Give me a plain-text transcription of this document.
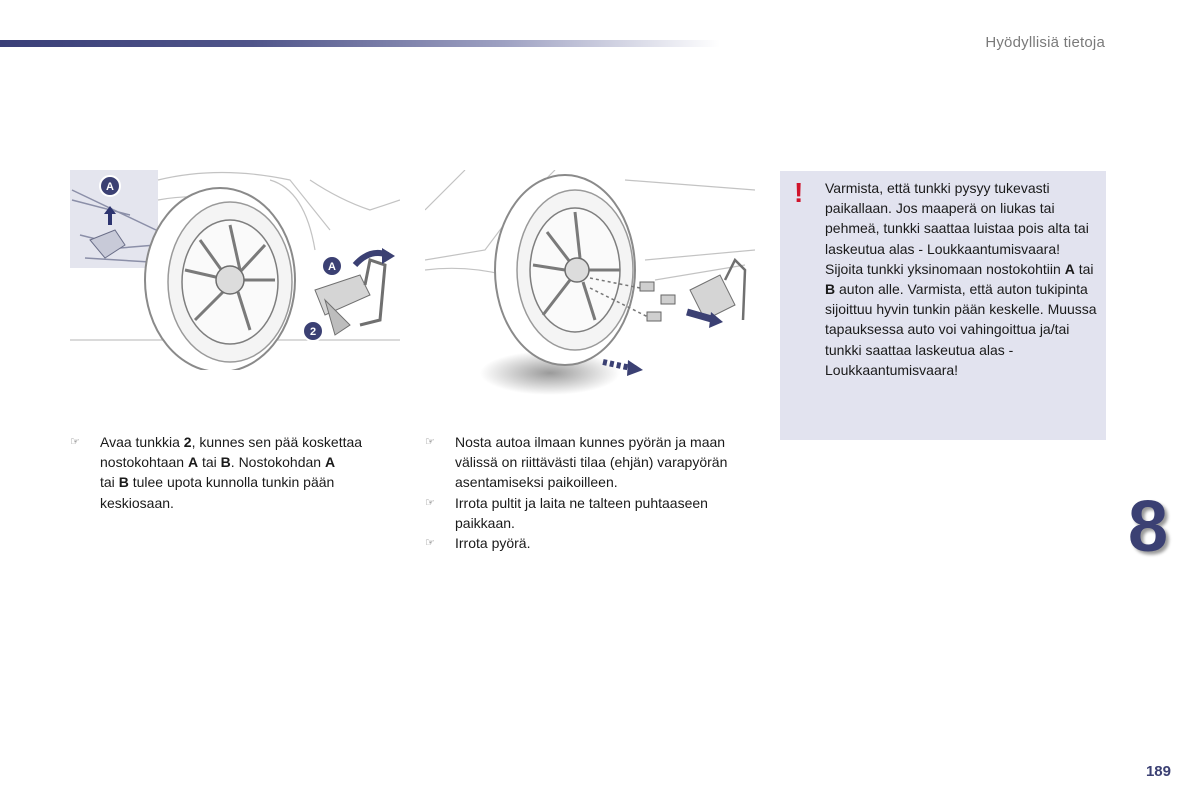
Hyödyllisiä tietoja
A
A
2
! Varmista, että tunkki pysyy tukevasti paikallaan. Jos maaperä on liukas tai pehmeä, tunkki saattaa luistaa pois alta tai laskeutua alas - Loukkaantumisvaara!
Sijoita tunkki yksinomaan nostokohtiin A tai B auton alle. Varmista, että auton tukipinta sijoittuu hyvin tunkin pään keskelle. Muussa tapauksessa auto voi vahingoittua ja/tai tunkki saattaa laskeutua alas - Loukkaantumisvaara!
☞ Avaa tunkkia 2, kunnes sen pää koskettaa nostokohtaan A tai B. Nostokohdan A
tai B tulee upota kunnolla tunkin pään keskiosaan.
☞ Nosta autoa ilmaan kunnes pyörän ja maan välissä on riittävästi tilaa (ehjän) varapyörän asentamiseksi paikoilleen.
☞ Irrota pultit ja laita ne talteen puhtaaseen paikkaan.
☞ Irrota pyörä.	8
189
